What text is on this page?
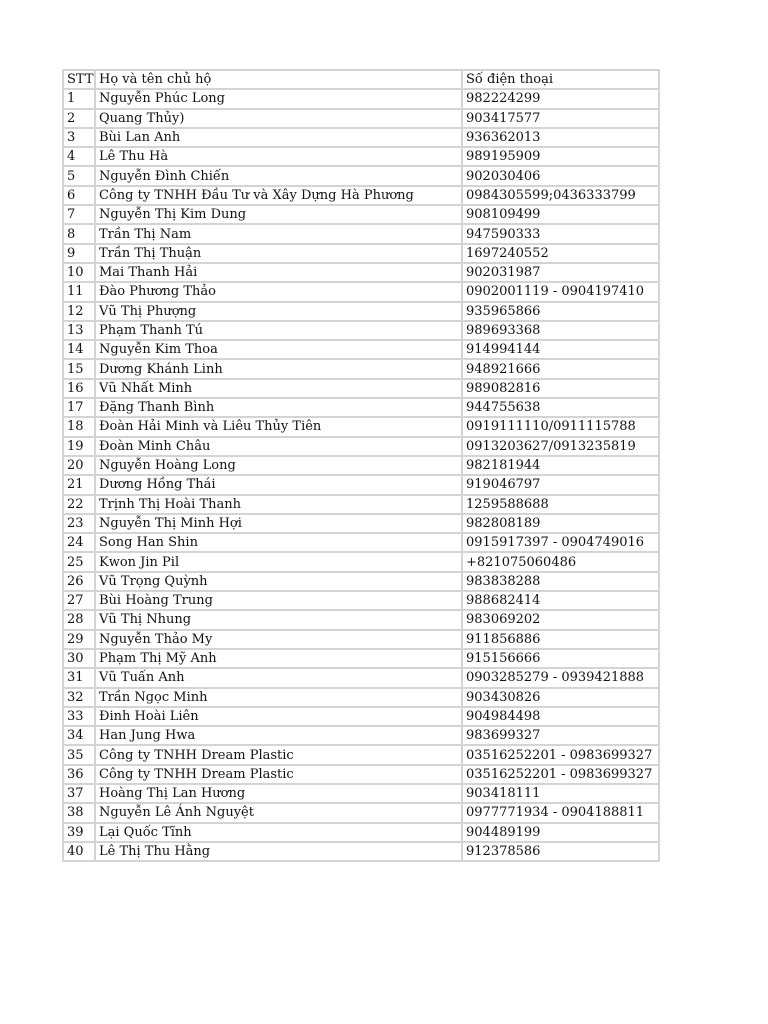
STT	Họ và tên chủ hộ	Số điện thoại
1	Nguyễn Phúc Long	982224299
2	Quang Thủy)	903417577
3	Bùi Lan Anh	936362013
4	Lê Thu Hà	989195909
5	Nguyễn Đình Chiến	902030406
6	Công ty TNHH Đầu Tư và Xây Dựng Hà Phương	0984305599;0436333799
7	Nguyễn Thị Kim Dung	908109499
8	Trần Thị Nam	947590333
9	Trần Thị Thuận	1697240552
10	Mai Thanh Hải	902031987
11	Đào Phương Thảo	0902001119 - 0904197410
12	Vũ Thị Phượng	935965866
13	Phạm Thanh Tú	989693368
14	Nguyễn Kim Thoa	914994144
15	Dương Khánh Linh	948921666
16	Vũ Nhất Minh	989082816
17	Đặng Thanh Bình	944755638
18	Đoàn Hải Minh và Liêu Thủy Tiên	0919111110/0911115788
19	Đoàn Minh Châu	0913203627/0913235819
20	Nguyễn Hoàng Long	982181944
21	Dương Hồng Thái	919046797
22	Trịnh Thị Hoài Thanh	1259588688
23	Nguyễn Thị Minh Hợi	982808189
24	Song Han Shin	0915917397 - 0904749016
25	Kwon Jin Pil	+821075060486
26	Vũ Trọng Quỳnh	983838288
27	Bùi Hoàng Trung	988682414
28	Vũ Thị Nhung	983069202
29	Nguyễn Thảo My	911856886
30	Phạm Thị Mỹ Anh	915156666
31	Vũ Tuấn Anh	0903285279 - 0939421888
32	Trần Ngọc Minh	903430826
33	Đinh Hoài Liên	904984498
34	Han Jung Hwa	983699327
35	Công ty TNHH Dream Plastic	03516252201 - 0983699327
36	Công ty TNHH Dream Plastic	03516252201 - 0983699327
37	Hoàng Thị Lan Hương	903418111
38	Nguyễn Lê Ánh Nguyệt	0977771934 - 0904188811
39	Lại Quốc Tĩnh	904489199
40	Lê Thị Thu Hằng	912378586
